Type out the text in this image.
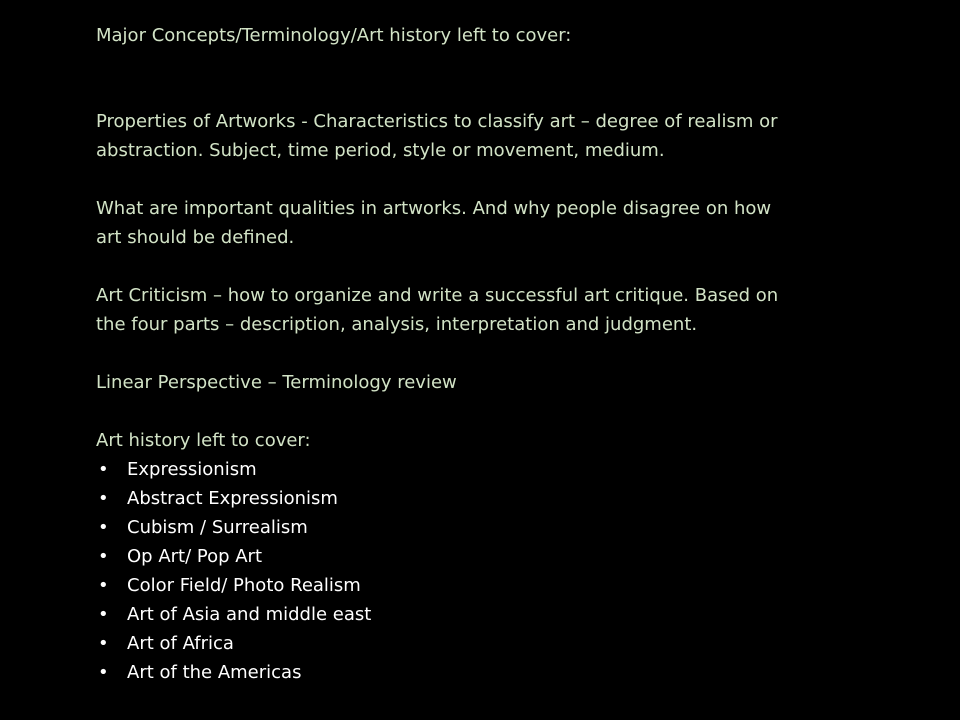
Major Concepts/Terminology/Art history left to cover:

Properties of Artworks - Characteristics to classify art – degree of realism or
abstraction. Subject, time period, style or movement, medium.

What are important qualities in artworks. And why people disagree on how
art should be defined.

Art Criticism – how to organize and write a successful art critique. Based on
the four parts – description, analysis, interpretation and judgment.

Linear Perspective – Terminology review

Art history left to cover:

• Expressionism
• Abstract Expressionism
• Cubism / Surrealism
• Op Art/ Pop Art
• Color Field/ Photo Realism
• Art of Asia and middle east
• Art of Africa
• Art of the Americas
